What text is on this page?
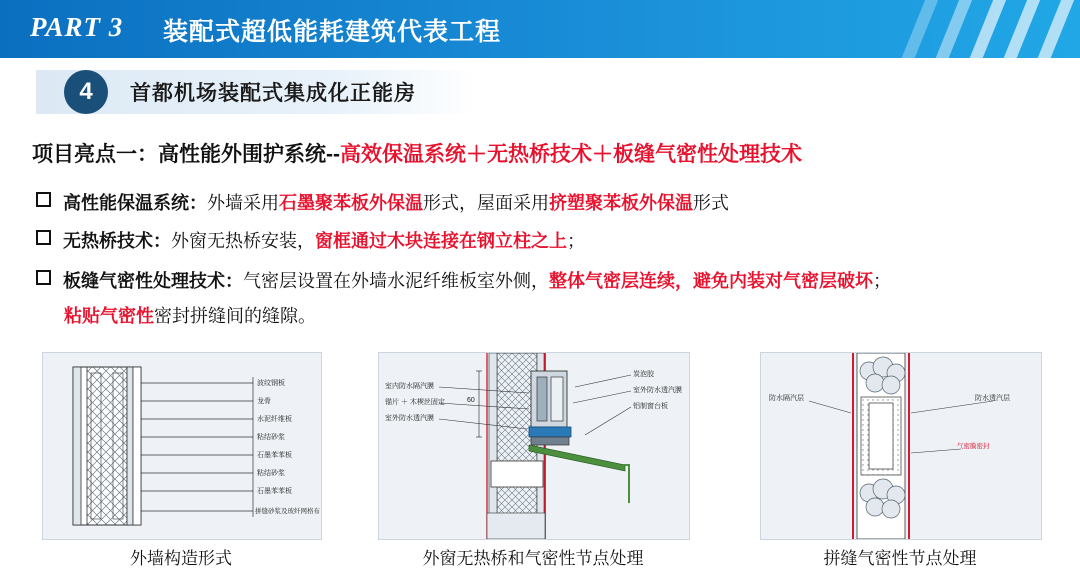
PART 3 装配式超低能耗建筑代表工程
4	首都机场装配式集成化正能房
项目亮点一：高性能外围护系统--高效保温系统＋无热桥技术＋板缝气密性处理技术
高性能保温系统：外墙采用石墨聚苯板外保温形式，屋面采用挤塑聚苯板外保温形式
无热桥技术：外窗无热桥安装，窗框通过木块连接在钢立柱之上；
板缝气密性处理技术：气密层设置在外墙水泥纤维板室外侧，整体气密层连续，避免内装对气密层破坏；
粘贴气密性密封拼缝间的缝隙。
波纹钢板
龙骨
水泥纤维板
粘结砂浆
石墨苯苯板
粘结砂浆
石墨苯苯板
拼缝砂浆及玻纤网格布
外墙构造形式
室内防水隔汽膜
锚片 ＋ 木楔丝固定
室外防水透汽膜
炭泡胶
室外防水透汽膜
铝制窗台板
60
外窗无热桥和气密性节点处理
防水隔汽层	防水透汽层
气密膜密封
拼缝气密性节点处理
